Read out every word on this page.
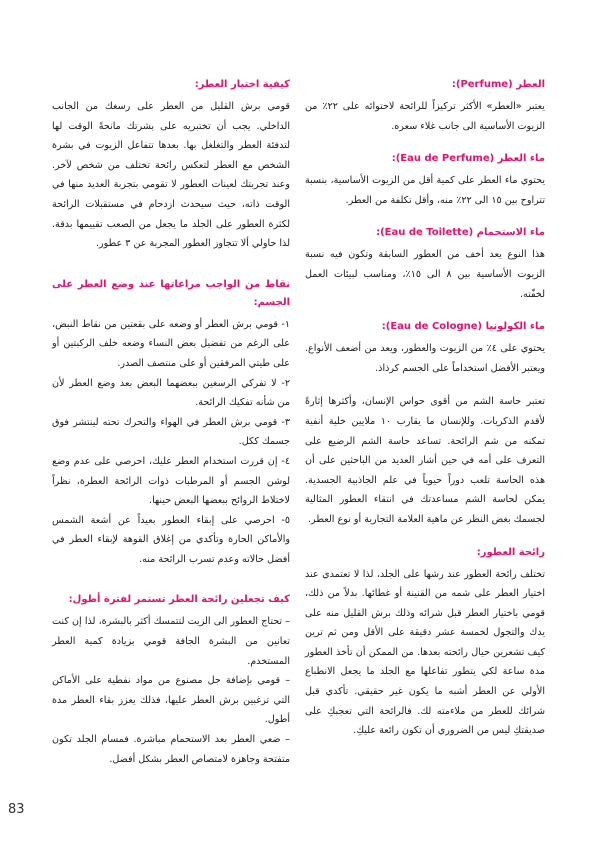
العطر (Perfume):

يعتبر «العطر» الأكثر تركيزاً للرائحة لاحتوائه على ٢٢٪ من الزيوت الأساسية الى جانب غلاء سعره.

ماء العطر (Eau de Perfume):

يحتوي ماء العطر على كمية أقل من الزيوت الأساسية، بنسبة تتراوح بين ١٥ الى ٢٢٪ منه، وأقل تكلفة من العطر.

ماء الاستحمام (Eau de Toilette):

هذا النوع يعد أخف من العطور السابقة وتكون فيه نسبة الزيوت الأساسية بين ٨ الى ١٥٪، ومناسب لبيئات العمل لخفّته.

ماء الكولونيا (Eau de Cologne):

يحتوي على ٤٪ من الزيوت والعطور، ويعد من أضعف الأنواع. ويعتبر الأفضل استخداماً على الجسم كرذاذ.

تعتبر حاسة الشم من أقوى حواس الإنسان، وأكثرها إثارةً لأقدم الذكريات. وللإنسان ما يقارب ١٠ ملايين خلية أنفية تمكنه من شم الرائحة. تساعد حاسة الشم الرضيع على التعرف على أمه في حين أشار العديد من الباحثين على أن هذه الحاسة تلعب دوراً حيوياً في علم الجاذبية الجسدية. يمكن لحاسة الشم مساعدتك في انتقاء العطور المثالية لجسمك بغض النظر عن ماهية العلامة التجارية أو نوع العطر.

رائحة العطور:

تختلف رائحة العطور عند رشها على الجلد، لذا لا تعتمدي عند اختيار العطر على شمه من القنينة أو غطائها. بدلاً من ذلك، قومي باختيار العطر قبل شرائه وذلك برش القليل منه على يدك والتجول لخمسة عشر دقيقة على الأقل ومن ثم ترين كيف تشعرين حيال رائحته بعدها. من الممكن أن تأخذ العطور مدة ساعة لكي يتطور تفاعلها مع الجلد ما يجعل الانطباع الأولي عن العطر أشبه ما يكون غير حقيقي. تأكدي قبل شرائك للعطر من ملاءمته لك. فالرائحة التي تعجبكِ على صديقتكِ ليس من الضروري أن تكون رائعة عليكِ.

كيفية اختبار العطر:

قومي برش القليل من العطر على رسغك من الجانب الداخلي. يجب أن تختبريه على بشرتك مانحةً الوقت لها لتدفئة العطر والتغلغل بها. بعدها تتفاعل الزيوت في بشرة الشخص مع العطر لتعكس رائحة تختلف من شخص لآخر. وعند تجربتك لعينات العطور لا تقومي بتجربة العديد منها في الوقت ذاته، حيث سيحدث ازدحام في مستقبلات الرائحة لكثرة العطور على الجلد ما يجعل من الصعب تقييمها بدقة. لذا حاولي ألا تتجاوز العطور المجربة عن ٣ عطور.

نقاط من الواجب مراعاتها عند وضع العطر على الجسم:

١- قومي برش العطر أو وضعه على بقعتين من نقاط النبض، على الرغم من تفضيل بعض النساء وضعه خلف الركبتين أو على طيتي المرفقين أو على منتصف الصدر.

٢- لا تفركي الرسغين ببعضهما البعض بعد وضع العطر لأن من شأنه تفكيك الرائحة.

٣- قومي برش العطر في الهواء والتحرك تحته لينتشر فوق جسمك ككل.

٤- إن قررت استخدام العطر عليك، احرصي على عدم وضع لوشن الجسم أو المرطبات ذوات الرائحة العطرة، نظراً لاختلاط الروائح ببعضها البعض حينها.

٥- احرصي على إبقاء العطور بعيداً عن أشعة الشمس والأماكن الحارة وتأكدي من إغلاق القوهة لإبقاء العطر في أفضل حالاته وعدم تسرب الرائحة منه.

كيف تجعلين رائحة العطر تستمر لفترة أطول:

– تحتاج العطور الى الزيت لتتمسك أكثر بالبشرة، لذا إن كنت تعانين من البشرة الجافة قومي بزيادة كمية العطر المستخدم.

– قومي بإضافة جل مصنوع من مواد نفطية على الأماكن التي ترغبين برش العطر عليها، فذلك يعزز بقاء العطر مدة أطول.

– ضعي العطر بعد الاستحمام مباشرة. فمسام الجلد تكون متفتحة وجاهزة لامتصاص العطر بشكل أفضل.

83
